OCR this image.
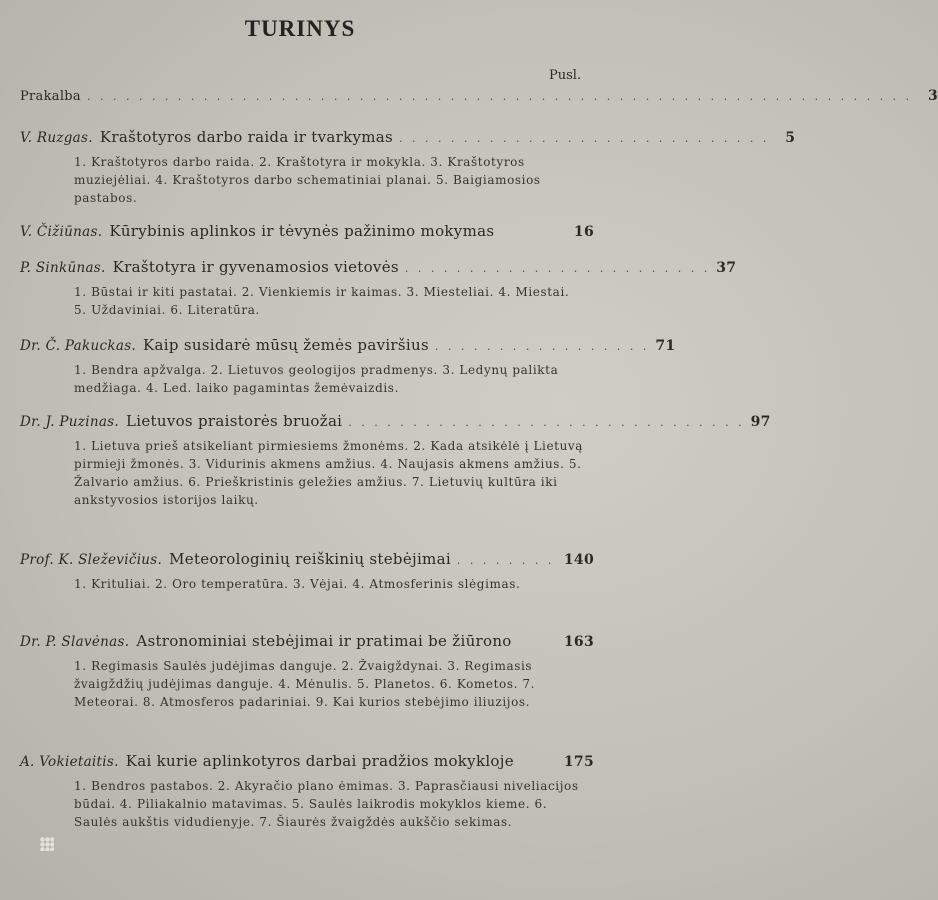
TURINYS
Pusl.
Prakalba . . . . . . . . . . . . . . . . . . . . . . . . . . . . . . . . . . . . . . . . . . . . . . . . . . . . . . . . . . . . . . . .	3
V. Ruzgas. Kraštotyros darbo raida ir tvarkymas . . . . . . . . . . . . . . . . . . . . . . . . . . . . .	5
1. Kraštotyros darbo raida. 2. Kraštotyra ir mokykla. 3. Kraštotyros muziejėliai. 4. Kraštotyros darbo schematiniai planai. 5. Baigiamosios pastabos.
V. Čižiūnas. Kūrybinis aplinkos ir tėvynės pažinimo mokymas	16
P. Sinkūnas. Kraštotyra ir gyvenamosios vietovės . . . . . . . . . . . . . . . . . . . . . . . . 37
1. Būstai ir kiti pastatai. 2. Vienkiemis ir kaimas. 3. Miesteliai. 4. Miestai. 5. Uždaviniai. 6. Literatūra.
Dr. Č. Pakuckas. Kaip susidarė mūsų žemės paviršius . . . . . . . . . . . . . . . . . 71
1. Bendra apžvalga. 2. Lietuvos geologijos pradmenys. 3. Ledynų palikta medžiaga. 4. Led. laiko pagamintas žemėvaizdis.
Dr. J. Puzinas. Lietuvos praistorės bruožai . . . . . . . . . . . . . . . . . . . . . . . . . . . . . . . 97
1. Lietuva prieš atsikeliant pirmiesiems žmonėms. 2. Kada atsikėlė į Lietuvą pirmieji žmonės. 3. Vidurinis akmens amžius. 4. Naujasis akmens amžius. 5. Žalvario amžius. 6. Prieškristinis geležies amžius. 7. Lietuvių kultūra iki ankstyvosios istorijos laikų.
Prof. K. Sleževičius. Meteorologinių reiškinių stebėjimai . . . . . . . . 140
1. Krituliai. 2. Oro temperatūra. 3. Vėjai. 4. Atmosferinis slėgimas.
Dr. P. Slavėnas. Astronominiai stebėjimai ir pratimai be žiūrono	163
1. Regimasis Saulės judėjimas danguje. 2. Žvaigždynai. 3. Regimasis žvaigždžių judėjimas danguje. 4. Mėnulis. 5. Planetos. 6. Kometos. 7. Meteorai. 8. Atmosferos padariniai. 9. Kai kurios stebėjimo iliuzijos.
A. Vokietaitis. Kai kurie aplinkotyros darbai pradžios mokykloje	175
1. Bendros pastabos. 2. Akyračio plano ėmimas. 3. Paprasčiausi niveliacijos būdai. 4. Piliakalnio matavimas. 5. Saulės laikrodis mokyklos kieme. 6. Saulės aukštis vidudienyje. 7. Šiaurės žvaigždės aukščio sekimas.
